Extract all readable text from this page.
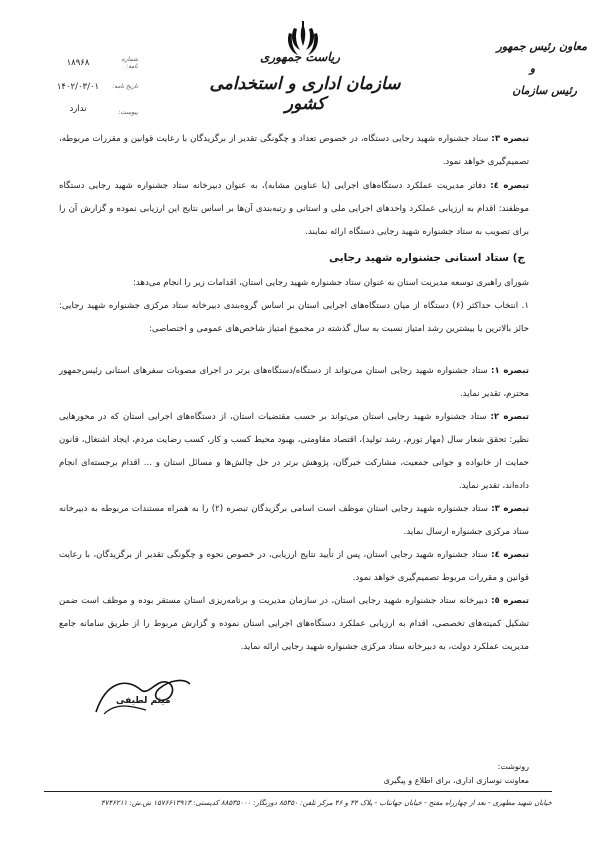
ریاست جمهوری
سازمان اداری و استخدامی کشور
معاون رئیس جمهور
و
رئیس سازمان
شماره نامه:
۱۸۹۶۸
تاریخ نامه:
۱۴۰۲/۰۳/۰۱
پیوست:
ندارد
تبصره ۳: ستاد جشنواره شهید رجایی دستگاه، در خصوص تعداد و چگونگی تقدیر از برگزیدگان با رعایت قوانین و مقررات مربوطه، تصمیم‌گیری خواهد نمود.
تبصره ٤: دفاتر مدیریت عملکرد دستگاه‌های اجرایی (یا عناوین مشابه)، به عنوان دبیرخانه ستاد جشنواره شهید رجایی دستگاه موظفند: اقدام به ارزیابی عملکرد واحدهای اجرایی ملی و استانی و رتبه‌بندی آن‌ها بر اساس نتایج این ارزیابی نموده و گزارش آن را برای تصویب به ستاد جشنواره شهید رجایی دستگاه ارائه نمایند.
ج) ستاد استانی جشنواره شهید رجایی
شورای راهبری توسعه مدیریت استان به عنوان ستاد جشنواره شهید رجایی استان، اقدامات زیر را انجام می‌دهد:
۱. انتخاب حداکثر (۶) دستگاه از میان دستگاه‌های اجرایی استان بر اساس گروه‌بندی دبیرخانه ستاد مرکزی جشنواره شهید رجایی: حائز بالاترین یا بیشترین رشد امتیاز نسبت به سال گذشته در مجموع امتیاز شاخص‌های عمومی و اختصاصی:
تبصره ۱: ستاد جشنواره شهید رجایی استان می‌تواند از دستگاه/دستگاه‌های برتر در اجرای مصوبات سفرهای استانی رئیس‌جمهور محترم، تقدیر نماید.
تبصره ۲: ستاد جشنواره شهید رجایی استان می‌تواند بر حسب مقتضیات استان، از دستگاه‌های اجرایی استان که در محورهایی نظیر: تحقق شعار سال (مهار تورم، رشد تولید)، اقتصاد مقاومتی، بهبود محیط کسب و کار، کسب رضایت مردم، ایجاد اشتغال، قانون حمایت از خانواده و جوانی جمعیت، مشارکت خبرگان، پژوهش برتر در حل چالش‌ها و مسائل استان و ... اقدام برجسته‌ای انجام داده‌اند، تقدیر نماید.
تبصره ۳: ستاد جشنواره شهید رجایی استان موظف است اسامی برگزیدگان تبصره (۲) را به همراه مستندات مربوطه به دبیرخانه ستاد مرکزی جشنواره ارسال نماید.
تبصره ٤: ستاد جشنواره شهید رجایی استان، پس از تأیید نتایج ارزیابی، در خصوص نحوه و چگونگی تقدیر از برگزیدگان، با رعایت قوانین و مقررات مربوط تصمیم‌گیری خواهد نمود.
تبصره ٥: دبیرخانه ستاد جشنواره شهید رجایی استان، در سازمان مدیریت و برنامه‌ریزی استان مستقر بوده و موظف است ضمن تشکیل کمیته‌های تخصصی، اقدام به ارزیابی عملکرد دستگاه‌های اجرایی استان نموده و گزارش مربوط را از طریق سامانه جامع مدیریت عملکرد دولت، به دبیرخانه ستاد مرکزی جشنواره شهید رجایی ارائه نماید.
میثم لطیفی
رونوشت:
معاونت نوسازی اداری، برای اطلاع و پیگیری
خیابان شهید مطهری - بعد از چهارراه مفتح - خیابان جهانتاب - پلاک ۴۴ و ۴۶ مرکز تلفن: ۸۵۳۵۰ دورنگار: ۸۸۵۳۵۰۰۰ کدپستی: ۱۵۷۶۶۱۳۹۱۳ ش.ش: ۴۷۴۶۲۱۱
